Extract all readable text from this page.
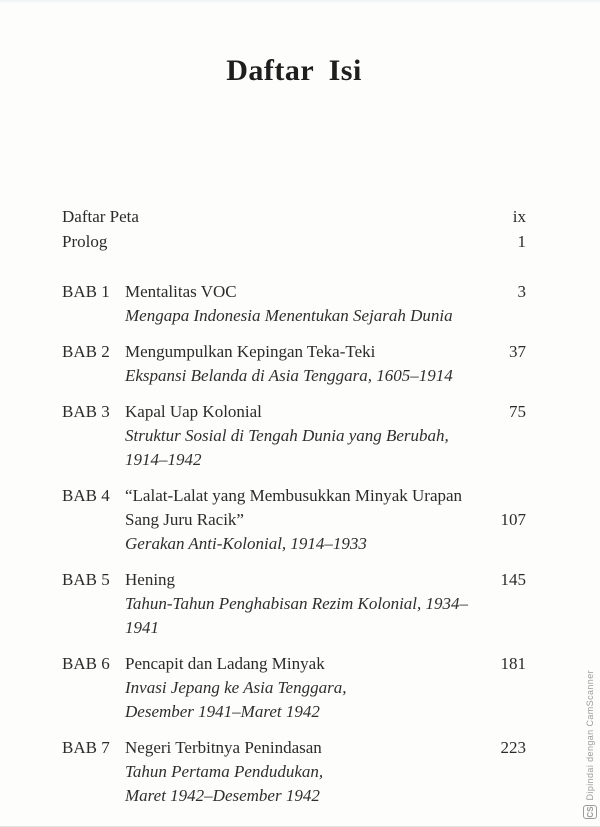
Daftar Isi
Daftar Peta	ix
Prolog	1
BAB 1 Mentalitas VOC	3
Mengapa Indonesia Menentukan Sejarah Dunia
BAB 2 Mengumpulkan Kepingan Teka-Teki	37
Ekspansi Belanda di Asia Tenggara, 1605–1914
BAB 3 Kapal Uap Kolonial	75
Struktur Sosial di Tengah Dunia yang Berubah,
1914–1942
BAB 4 “Lalat-Lalat yang Membusukkan Minyak Urapan
Sang Juru Racik”	107
Gerakan Anti-Kolonial, 1914–1933
BAB 5 Hening	145
Tahun-Tahun Penghabisan Rezim Kolonial, 1934–1941
BAB 6 Pencapit dan Ladang Minyak	181
Invasi Jepang ke Asia Tenggara,
Desember 1941–Maret 1942
BAB 7 Negeri Terbitnya Penindasan	223
Tahun Pertama Pendudukan,
Maret 1942–Desember 1942	Dipindai dengan CamScanner
CS
